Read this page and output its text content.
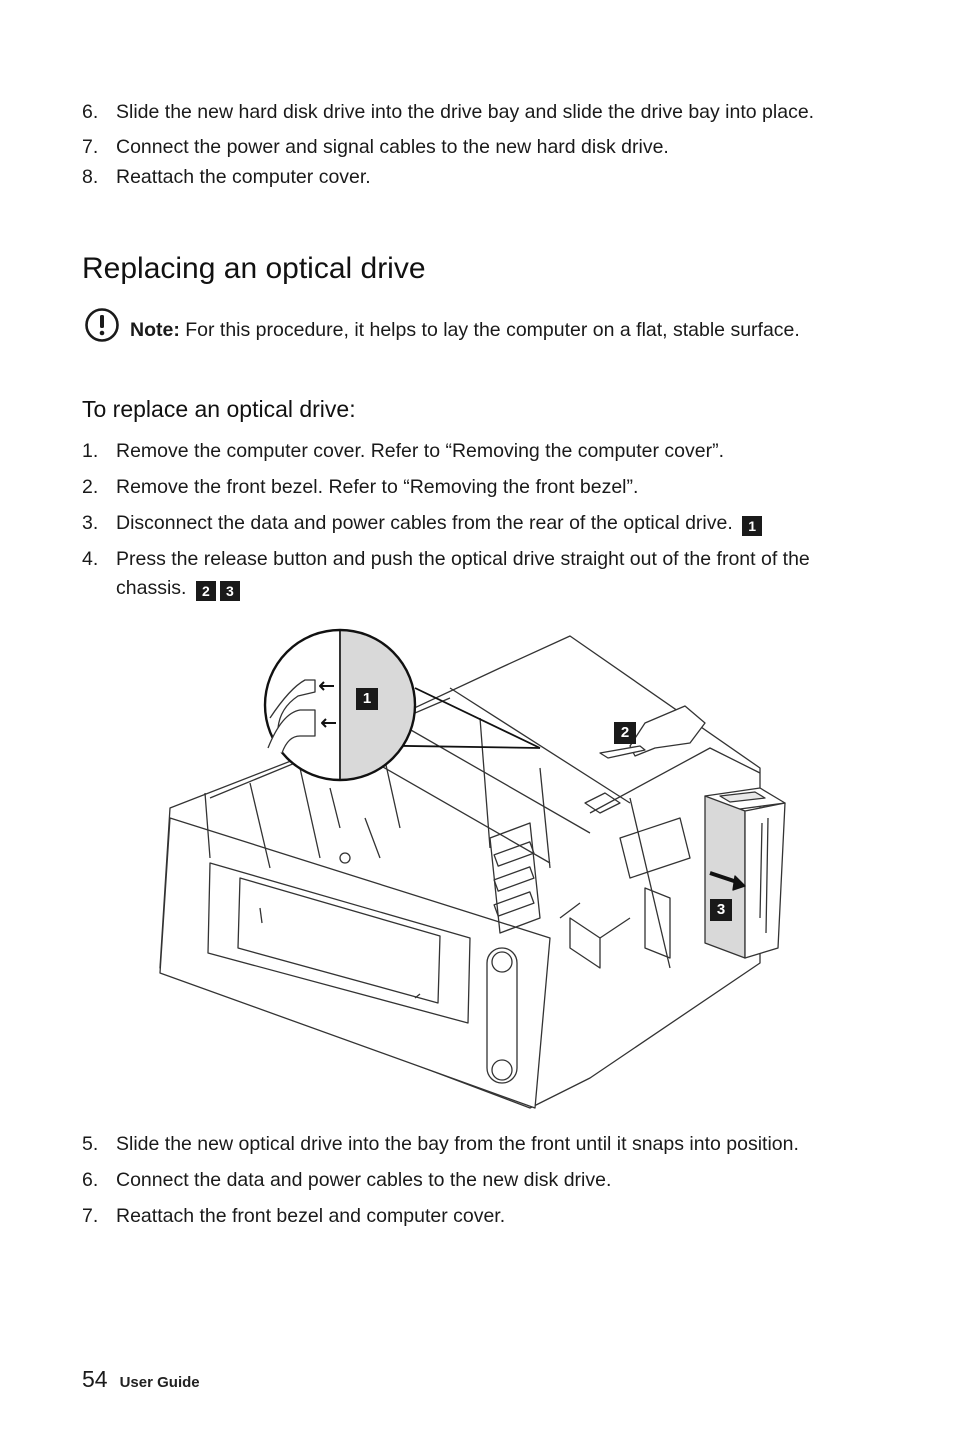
6. Slide the new hard disk drive into the drive bay and slide the drive bay into place.
7. Connect the power and signal cables to the new hard disk drive.
8. Reattach the computer cover.
Replacing an optical drive
Note: For this procedure, it helps to lay the computer on a flat, stable surface.
To replace an optical drive:
1. Remove the computer cover. Refer to “Removing the computer cover”.
2. Remove the front bezel. Refer to “Removing the front bezel”.
3. Disconnect the data and power cables from the rear of the optical drive. 1
4. Press the release button and push the optical drive straight out of the front of the chassis. 2 3
1
2
3
5. Slide the new optical drive into the bay from the front until it snaps into position.
6. Connect the data and power cables to the new disk drive.
7. Reattach the front bezel and computer cover.
54 User Guide
